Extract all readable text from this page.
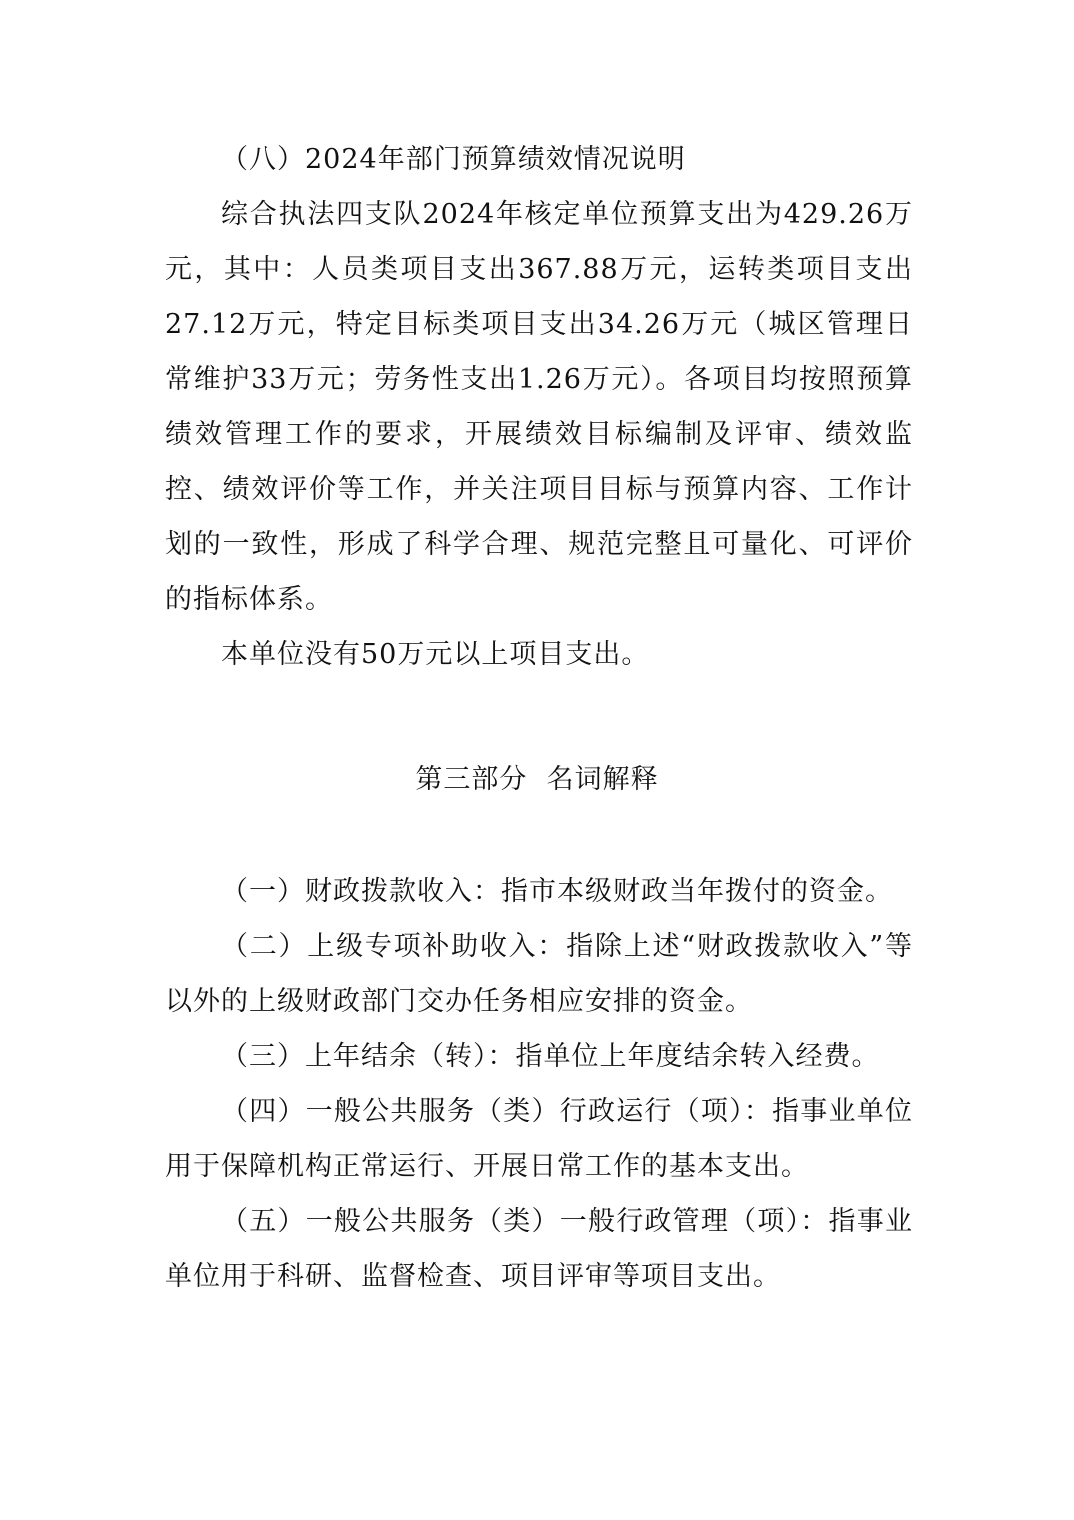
（八）2024年部门预算绩效情况说明

综合执法四支队2024年核定单位预算支出为429.26万元，其中：人员类项目支出367.88万元，运转类项目支出27.12万元，特定目标类项目支出34.26万元（城区管理日常维护33万元；劳务性支出1.26万元）。各项目均按照预算绩效管理工作的要求，开展绩效目标编制及评审、绩效监控、绩效评价等工作，并关注项目目标与预算内容、工作计划的一致性，形成了科学合理、规范完整且可量化、可评价的指标体系。

本单位没有50万元以上项目支出。

第三部分  名词解释

（一）财政拨款收入：指市本级财政当年拨付的资金。

（二）上级专项补助收入：指除上述“财政拨款收入”等以外的上级财政部门交办任务相应安排的资金。

（三）上年结余（转）：指单位上年度结余转入经费。

（四）一般公共服务（类）行政运行（项）：指事业单位用于保障机构正常运行、开展日常工作的基本支出。

（五）一般公共服务（类）一般行政管理（项）：指事业单位用于科研、监督检查、项目评审等项目支出。
